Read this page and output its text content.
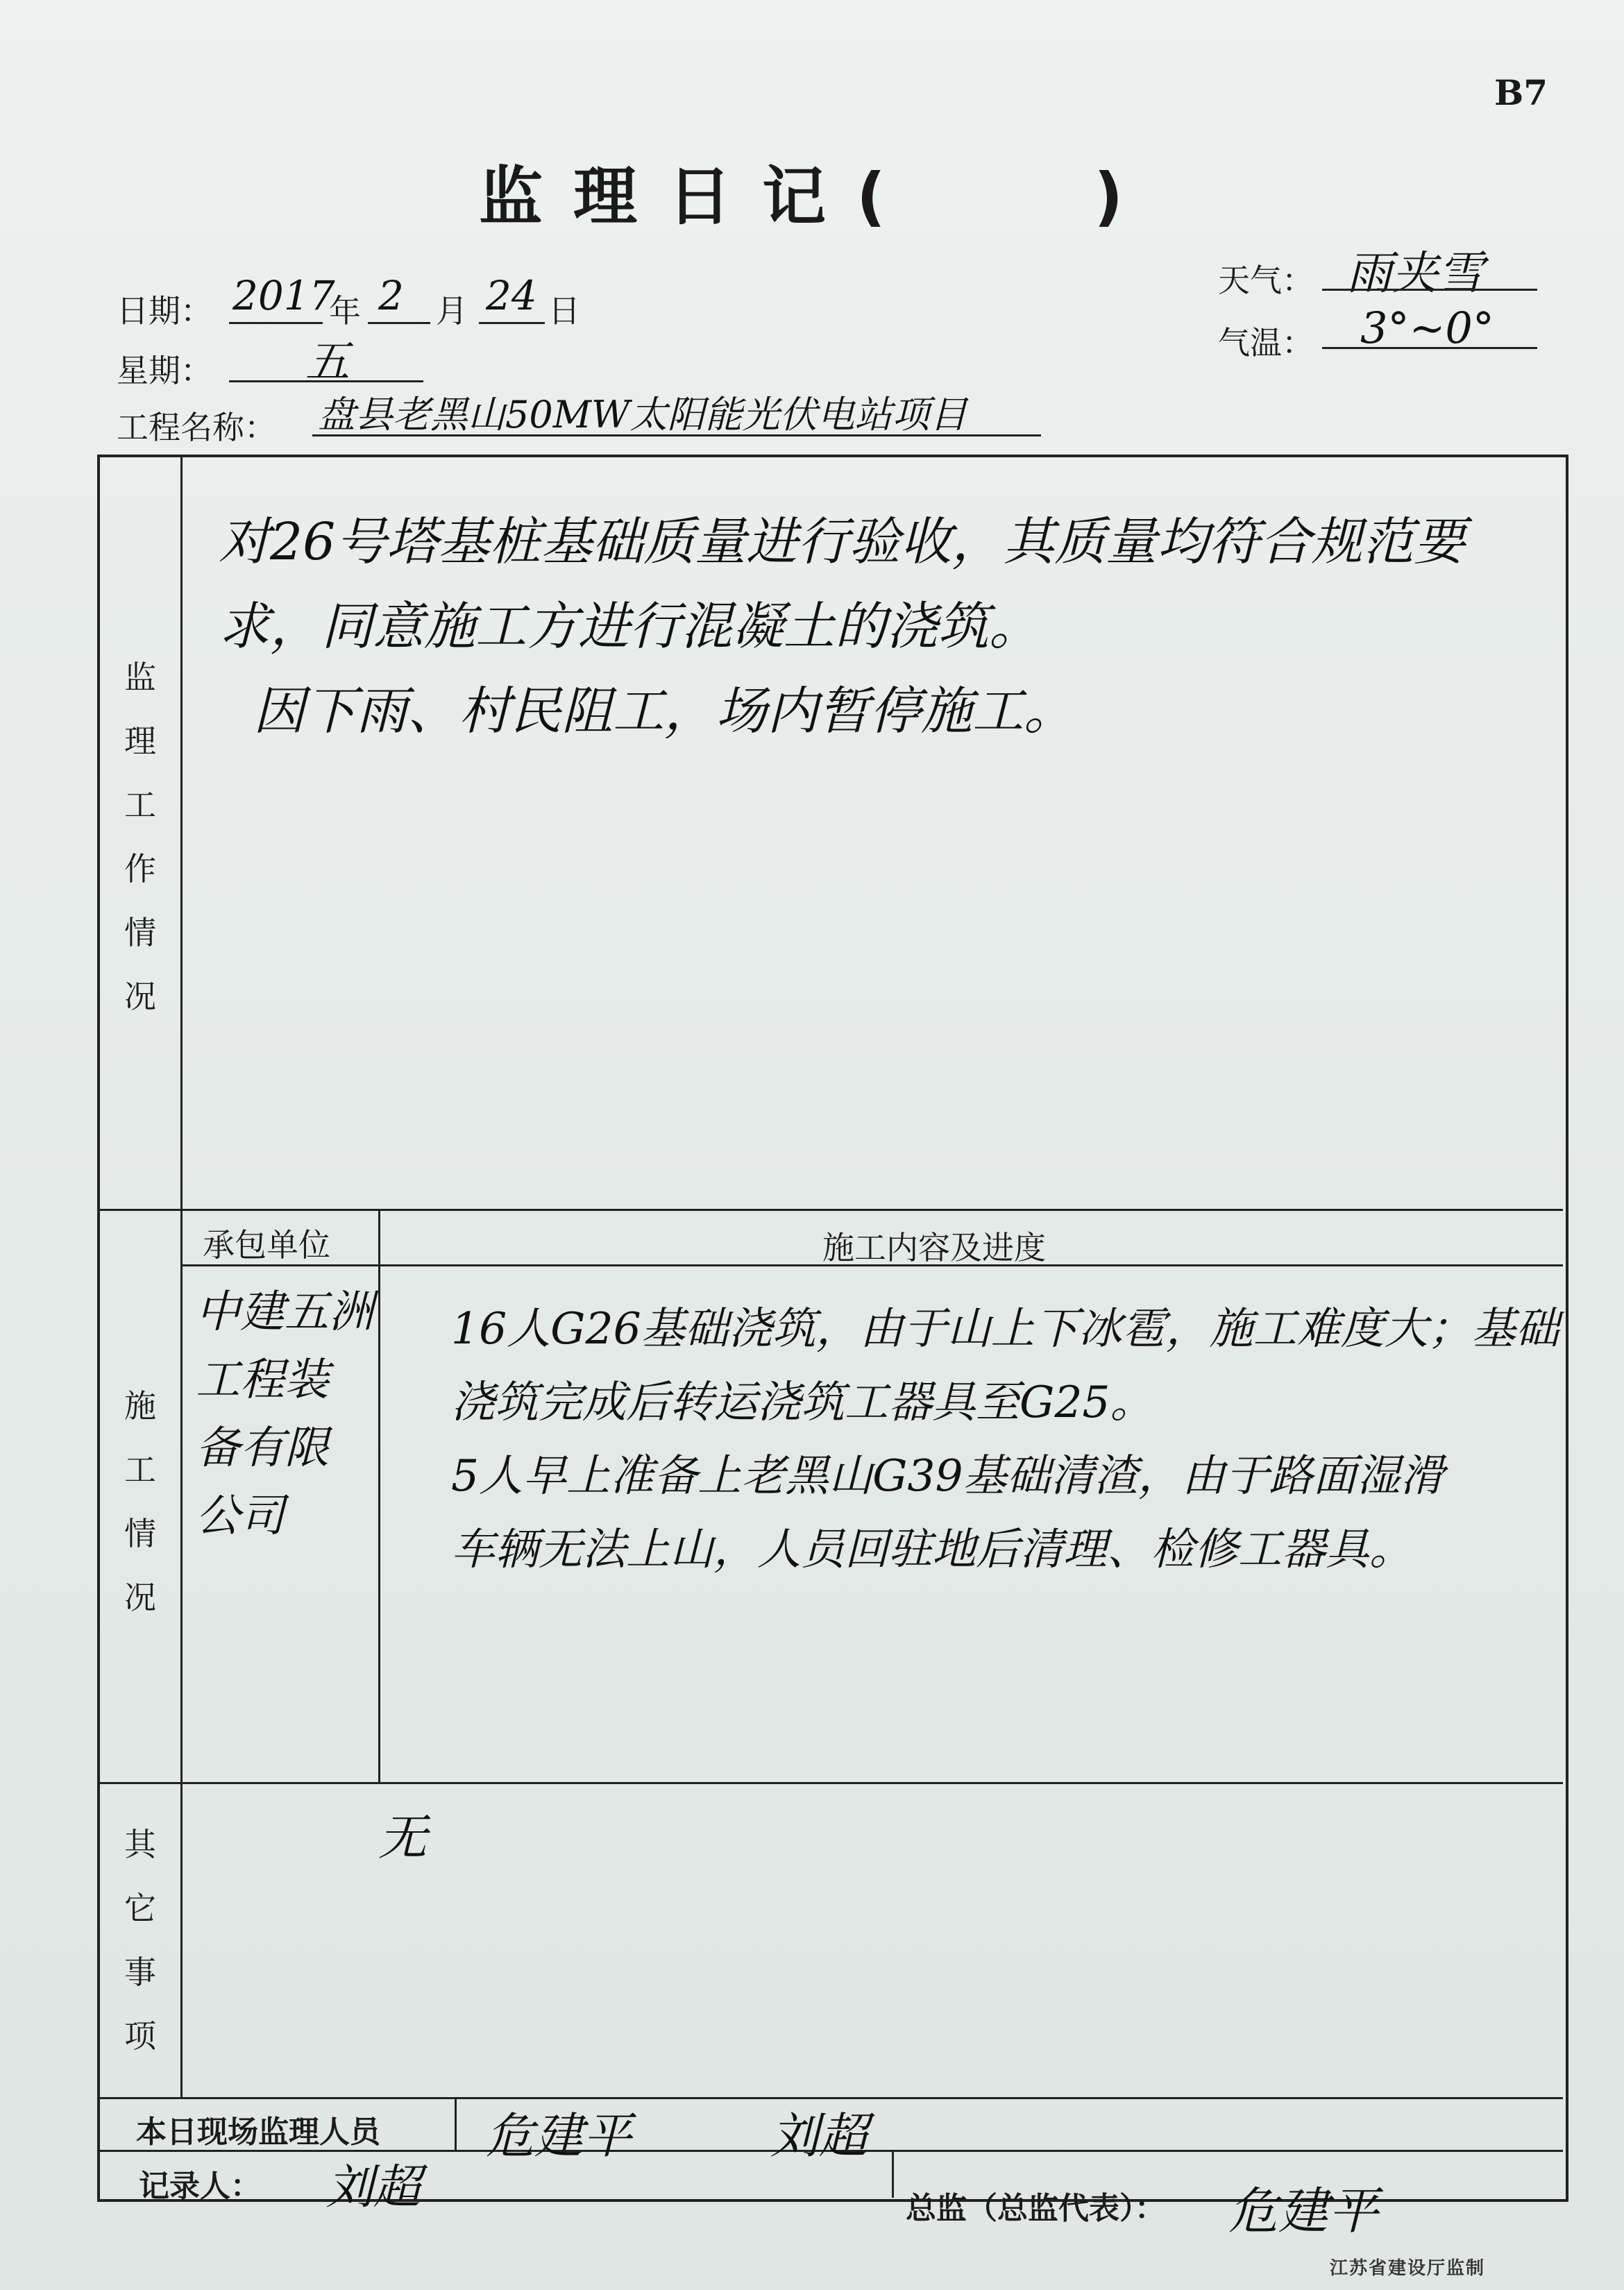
B7
监理日记(	)
日期： 2017
年 2 月 24 日
天气： 雨夹雪
气温： 3°~0°
星期： 五
工程名称： 盘县老黑山50MW太阳能光伏电站项目
监
理
工
作
情
况
对26号塔基桩基础质量进行验收，其质量均符合规范要
求，同意施工方进行混凝土的浇筑。
因下雨、村民阻工，场内暂停施工。
施
工
情
况
承包单位	施工内容及进度
中建五洲
工程装
备有限
公司
16人G26基础浇筑，由于山上下冰雹，施工难度大；基础
浇筑完成后转运浇筑工器具至G25。
5人早上准备上老黑山G39基础清渣，由于路面湿滑
车辆无法上山，人员回驻地后清理、检修工器具。
其
它
事
项
无
本日现场监理人员 危建平	刘超
记录人： 刘超	总监（总监代表）： 危建平
江苏省建设厅监制
